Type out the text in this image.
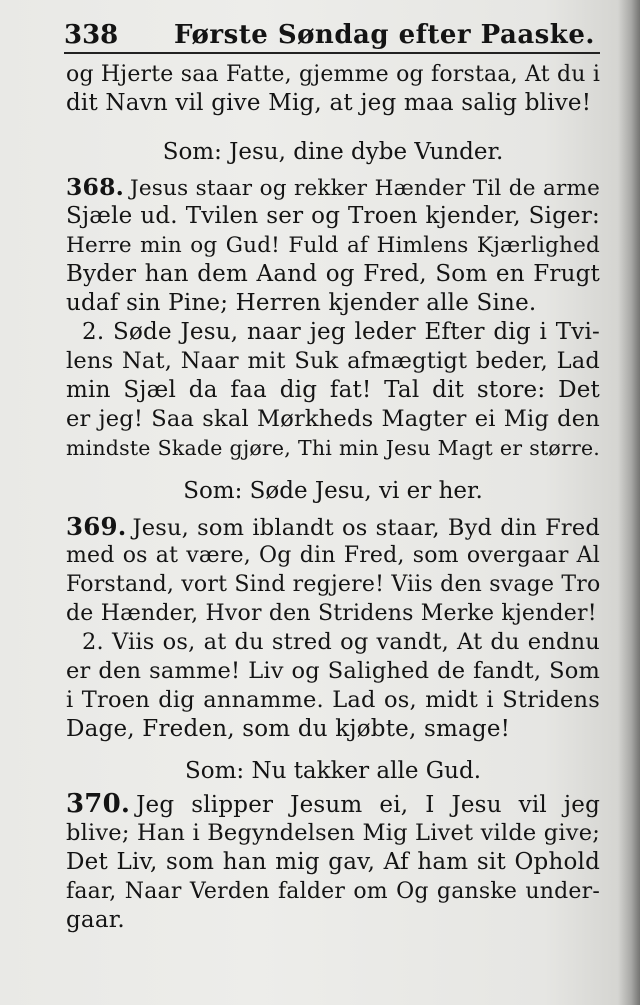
338 Første Søndag efter Paaske.
og Hjerte saa Fatte, gjemme og forstaa, At du i
dit Navn vil give Mig, at jeg maa salig blive!
Som: Jesu, dine dybe Vunder.
368. Jesus staar og rekker Hænder Til de arme
Sjæle ud. Tvilen ser og Troen kjender, Siger:
Herre min og Gud! Fuld af Himlens Kjærlighed
Byder han dem Aand og Fred, Som en Frugt
udaf sin Pine; Herren kjender alle Sine.
2. Søde Jesu, naar jeg leder Efter dig i Tvi-
lens Nat, Naar mit Suk afmægtigt beder, Lad
min Sjæl da faa dig fat! Tal dit store: Det
er jeg! Saa skal Mørkheds Magter ei Mig den
mindste Skade gjøre, Thi min Jesu Magt er større.
Som: Søde Jesu, vi er her.
369. Jesu, som iblandt os staar, Byd din Fred
med os at være, Og din Fred, som overgaar Al
Forstand, vort Sind regjere! Viis den svage Tro
de Hænder, Hvor den Stridens Merke kjender!
2. Viis os, at du stred og vandt, At du endnu
er den samme! Liv og Salighed de fandt, Som
i Troen dig annamme. Lad os, midt i Stridens
Dage, Freden, som du kjøbte, smage!
Som: Nu takker alle Gud.
370. Jeg slipper Jesum ei, I Jesu vil jeg
blive; Han i Begyndelsen Mig Livet vilde give;
Det Liv, som han mig gav, Af ham sit Ophold
faar, Naar Verden falder om Og ganske under-
gaar.
